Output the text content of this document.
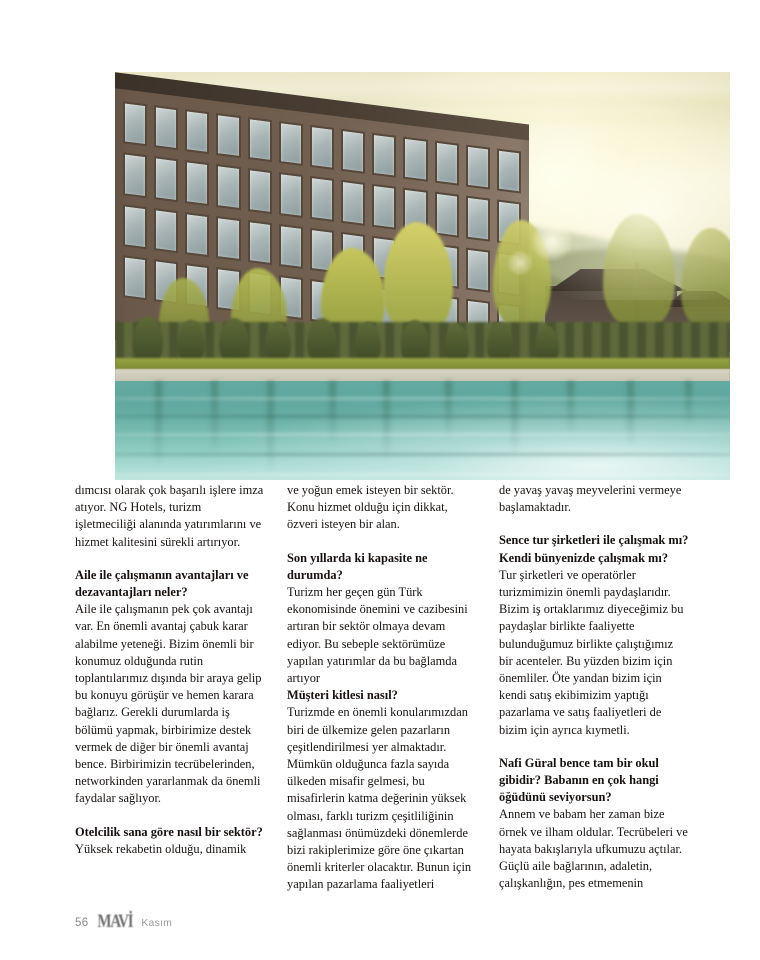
dımcısı olarak çok başarılı işlere imza atıyor. NG Hotels, turizm işletmeciliği alanında yatırımlarını ve hizmet kalitesini sürekli artırıyor.

Aile ile çalışmanın avantajları ve dezavantajları neler?

Aile ile çalışmanın pek çok avantajı var. En önemli avantaj çabuk karar alabilme yeteneği. Bizim önemli bir konumuz olduğunda rutin toplantılarımız dışında bir araya gelip bu konuyu görüşür ve hemen karara bağlarız. Gerekli durumlarda iş bölümü yapmak, birbirimize destek vermek de diğer bir önemli avantaj bence. Birbirimizin tecrübelerinden, networkinden yararlanmak da önemli faydalar sağlıyor.

Otelcilik sana göre nasıl bir sektör?

Yüksek rekabetin olduğu, dinamik

ve yoğun emek isteyen bir sektör. Konu hizmet olduğu için dikkat, özveri isteyen bir alan.

Son yıllarda ki kapasite ne durumda?

Turizm her geçen gün Türk ekonomisinde önemini ve cazibesini artıran bir sektör olmaya devam ediyor. Bu sebeple sektörümüze yapılan yatırımlar da bu bağlamda artıyor

Müşteri kitlesi nasıl?

Turizmde en önemli konularımızdan biri de ülkemize gelen pazarların çeşitlendirilmesi yer almaktadır. Mümkün olduğunca fazla sayıda ülkeden misafir gelmesi, bu misafirlerin katma değerinin yüksek olması, farklı turizm çeşitliliğinin sağlanması önümüzdeki dönemlerde bizi rakiplerimize göre öne çıkartan önemli kriterler olacaktır. Bunun için yapılan pazarlama faaliyetleri

de yavaş yavaş meyvelerini vermeye başlamaktadır.

Sence tur şirketleri ile çalışmak mı? Kendi bünyenizde çalışmak mı?

Tur şirketleri ve operatörler turizmimizin önemli paydaşlarıdır. Bizim iş ortaklarımız diyeceğimiz bu paydaşlar birlikte faaliyette bulunduğumuz birlikte çalıştığımız bir acenteler. Bu yüzden bizim için önemliler. Öte yandan bizim için kendi satış ekibimizim yaptığı pazarlama ve satış faaliyetleri de bizim için ayrıca kıymetli.

Nafi Güral bence tam bir okul gibidir? Babanın en çok hangi öğüdünü seviyorsun?

Annem ve babam her zaman bize örnek ve ilham oldular. Tecrübeleri ve hayata bakışlarıyla ufkumuzu açtılar. Güçlü aile bağlarının, adaletin, çalışkanlığın, pes etmemenin

56 MAVİ Kasım
